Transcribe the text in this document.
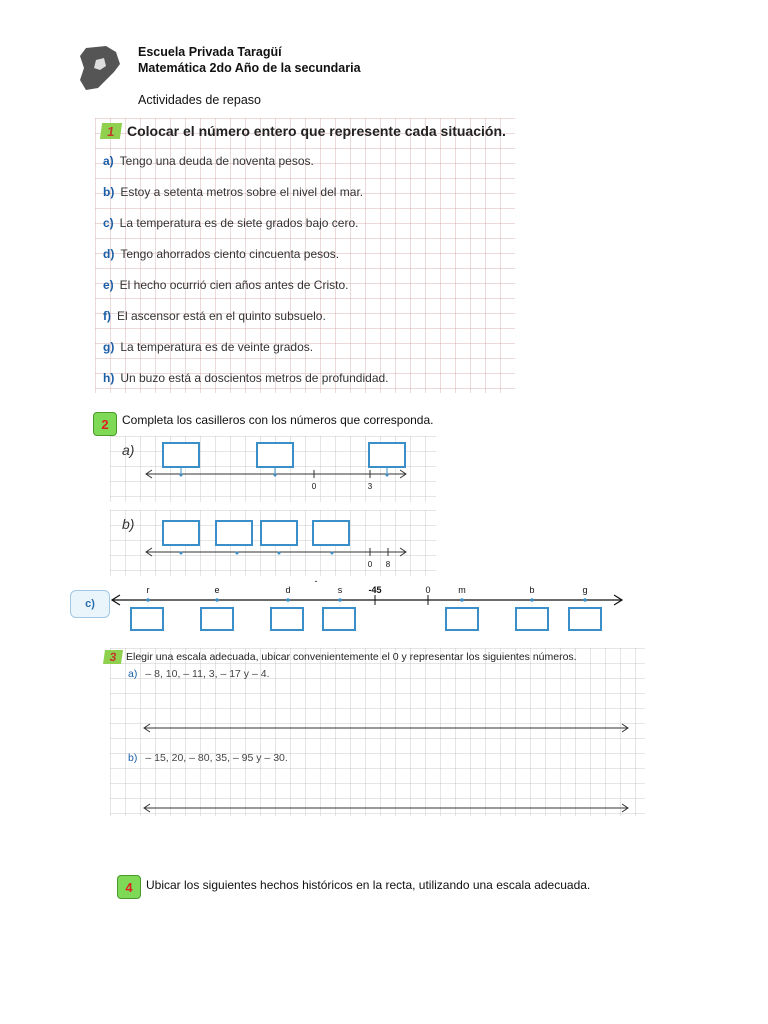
Escuela Privada Taragüí
Matemática 2do Año de la secundaria
Actividades de repaso
1 Colocar el número entero que represente cada situación.
a) Tengo una deuda de noventa pesos.
b) Estoy a setenta metros sobre el nivel del mar.
c) La temperatura es de siete grados bajo cero.
d) Tengo ahorrados ciento cincuenta pesos.
e) El hecho ocurrió cien años antes de Cristo.
f) El ascensor está en el quinto subsuelo.
g) La temperatura es de veinte grados.
h) Un buzo está a doscientos metros de profundidad.
2	Completa los casilleros con los números que corresponda.
a)
0	3
b)
0 8
c)
r	e	d
-
s	-45	0	m	b	g
3 Elegir una escala adecuada, ubicar convenientemente el 0 y representar los siguientes números.
a) – 8, 10, – 11, 3, – 17 y – 4.
b) – 15, 20, – 80, 35, – 95 y – 30.
4	Ubicar los siguientes hechos históricos en la recta, utilizando una escala adecuada.
